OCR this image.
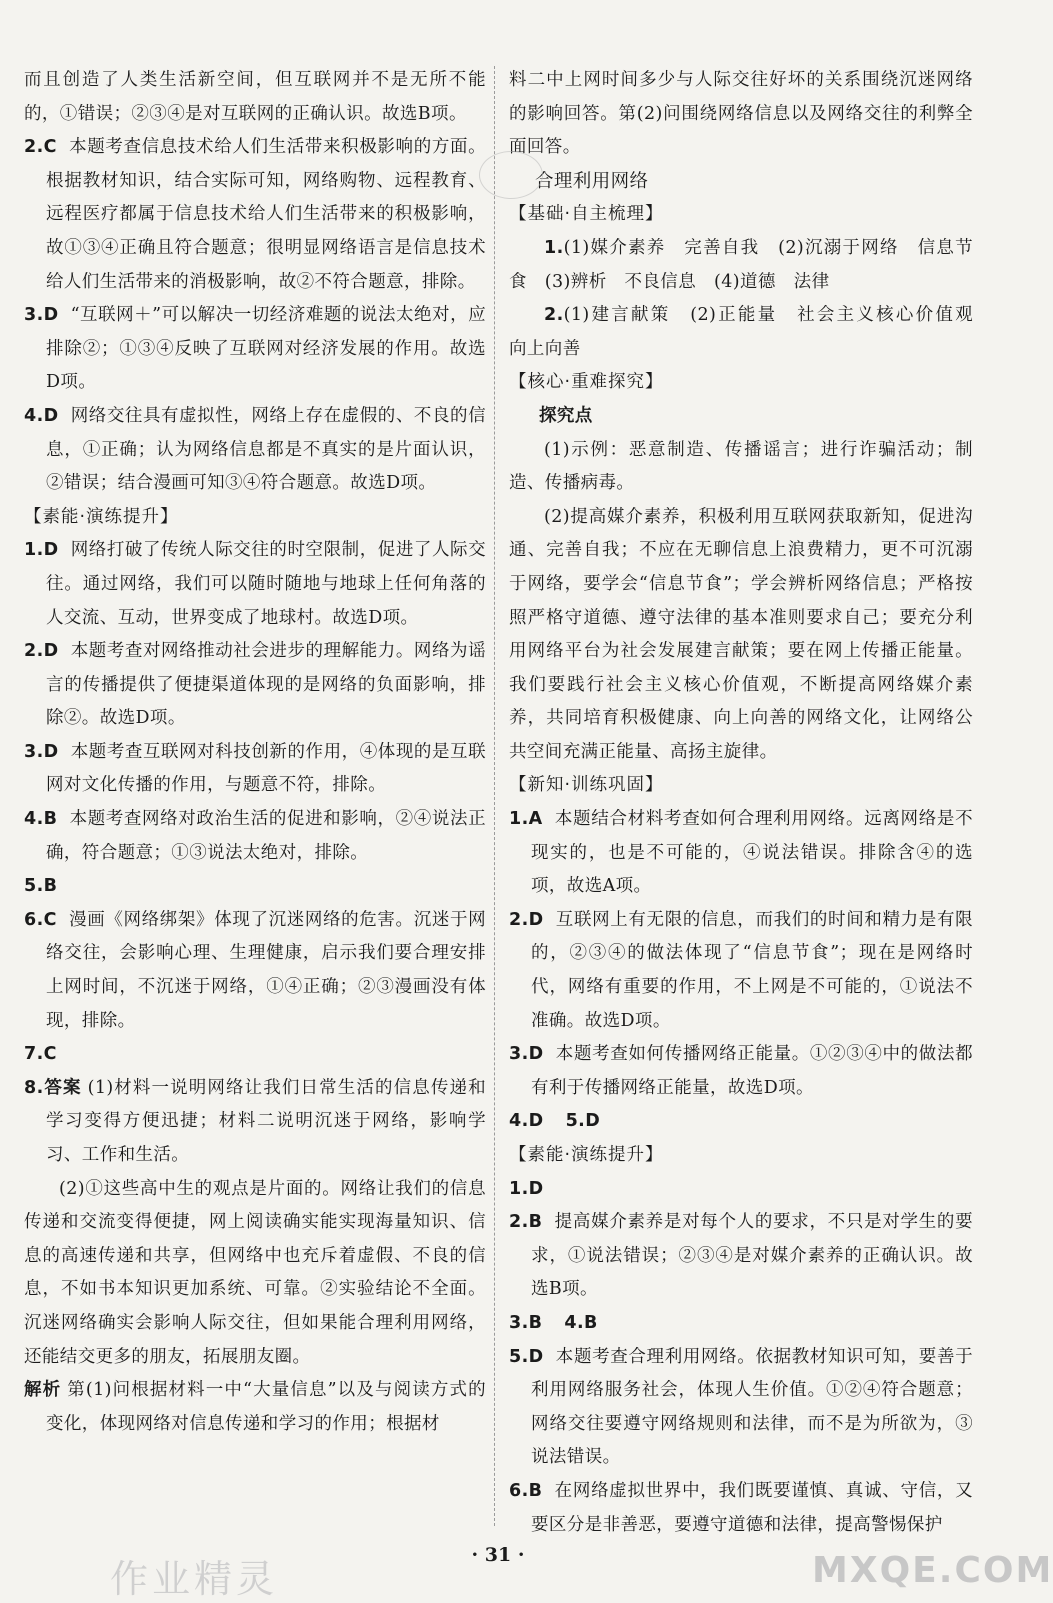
而且创造了人类生活新空间，但互联网并不是无所不能的，①错误；②③④是对互联网的正确认识。故选B项。

2.C 本题考查信息技术给人们生活带来积极影响的方面。根据教材知识，结合实际可知，网络购物、远程教育、远程医疗都属于信息技术给人们生活带来的积极影响，故①③④正确且符合题意；很明显网络语言是信息技术给人们生活带来的消极影响，故②不符合题意，排除。

3.D “互联网＋”可以解决一切经济难题的说法太绝对，应排除②；①③④反映了互联网对经济发展的作用。故选D项。

4.D 网络交往具有虚拟性，网络上存在虚假的、不良的信息，①正确；认为网络信息都是不真实的是片面认识，②错误；结合漫画可知③④符合题意。故选D项。

【素能·演练提升】

1.D 网络打破了传统人际交往的时空限制，促进了人际交往。通过网络，我们可以随时随地与地球上任何角落的人交流、互动，世界变成了地球村。故选D项。

2.D 本题考查对网络推动社会进步的理解能力。网络为谣言的传播提供了便捷渠道体现的是网络的负面影响，排除②。故选D项。

3.D 本题考查互联网对科技创新的作用，④体现的是互联网对文化传播的作用，与题意不符，排除。

4.B 本题考查网络对政治生活的促进和影响，②④说法正确，符合题意；①③说法太绝对，排除。

5.B

6.C 漫画《网络绑架》体现了沉迷网络的危害。沉迷于网络交往，会影响心理、生理健康，启示我们要合理安排上网时间，不沉迷于网络，①④正确；②③漫画没有体现，排除。

7.C

8.答案 (1)材料一说明网络让我们日常生活的信息传递和学习变得方便迅捷；材料二说明沉迷于网络，影响学习、工作和生活。

(2)①这些高中生的观点是片面的。网络让我们的信息传递和交流变得便捷，网上阅读确实能实现海量知识、信息的高速传递和共享，但网络中也充斥着虚假、不良的信息，不如书本知识更加系统、可靠。②实验结论不全面。沉迷网络确实会影响人际交往，但如果能合理利用网络，还能结交更多的朋友，拓展朋友圈。

解析 第(1)问根据材料一中“大量信息”以及与阅读方式的变化，体现网络对信息传递和学习的作用；根据材

料二中上网时间多少与人际交往好坏的关系围绕沉迷网络的影响回答。第(2)问围绕网络信息以及网络交往的利弊全面回答。

合理利用网络

【基础·自主梳理】

1.(1)媒介素养　完善自我　(2)沉溺于网络　信息节食　(3)辨析　不良信息　(4)道德　法律

2.(1)建言献策　(2)正能量　社会主义核心价值观　向上向善

【核心·重难探究】

探究点

(1)示例：恶意制造、传播谣言；进行诈骗活动；制造、传播病毒。

(2)提高媒介素养，积极利用互联网获取新知，促进沟通、完善自我；不应在无聊信息上浪费精力，更不可沉溺于网络，要学会“信息节食”；学会辨析网络信息；严格按照严格守道德、遵守法律的基本准则要求自己；要充分利用网络平台为社会发展建言献策；要在网上传播正能量。我们要践行社会主义核心价值观，不断提高网络媒介素养，共同培育积极健康、向上向善的网络文化，让网络公共空间充满正能量、高扬主旋律。

【新知·训练巩固】

1.A 本题结合材料考查如何合理利用网络。远离网络是不现实的，也是不可能的，④说法错误。排除含④的选项，故选A项。

2.D 互联网上有无限的信息，而我们的时间和精力是有限的，②③④的做法体现了“信息节食”；现在是网络时代，网络有重要的作用，不上网是不可能的，①说法不准确。故选D项。

3.D 本题考查如何传播网络正能量。①②③④中的做法都有利于传播网络正能量，故选D项。

4.D 5.D

【素能·演练提升】

1.D

2.B 提高媒介素养是对每个人的要求，不只是对学生的要求，①说法错误；②③④是对媒介素养的正确认识。故选B项。

3.B 4.B

5.D 本题考查合理利用网络。依据教材知识可知，要善于利用网络服务社会，体现人生价值。①②④符合题意；网络交往要遵守网络规则和法律，而不是为所欲为，③说法错误。

6.B 在网络虚拟世界中，我们既要谨慎、真诚、守信，又要区分是非善恶，要遵守道德和法律，提高警惕保护

作业精灵
· 31 ·	MXQE.COM
